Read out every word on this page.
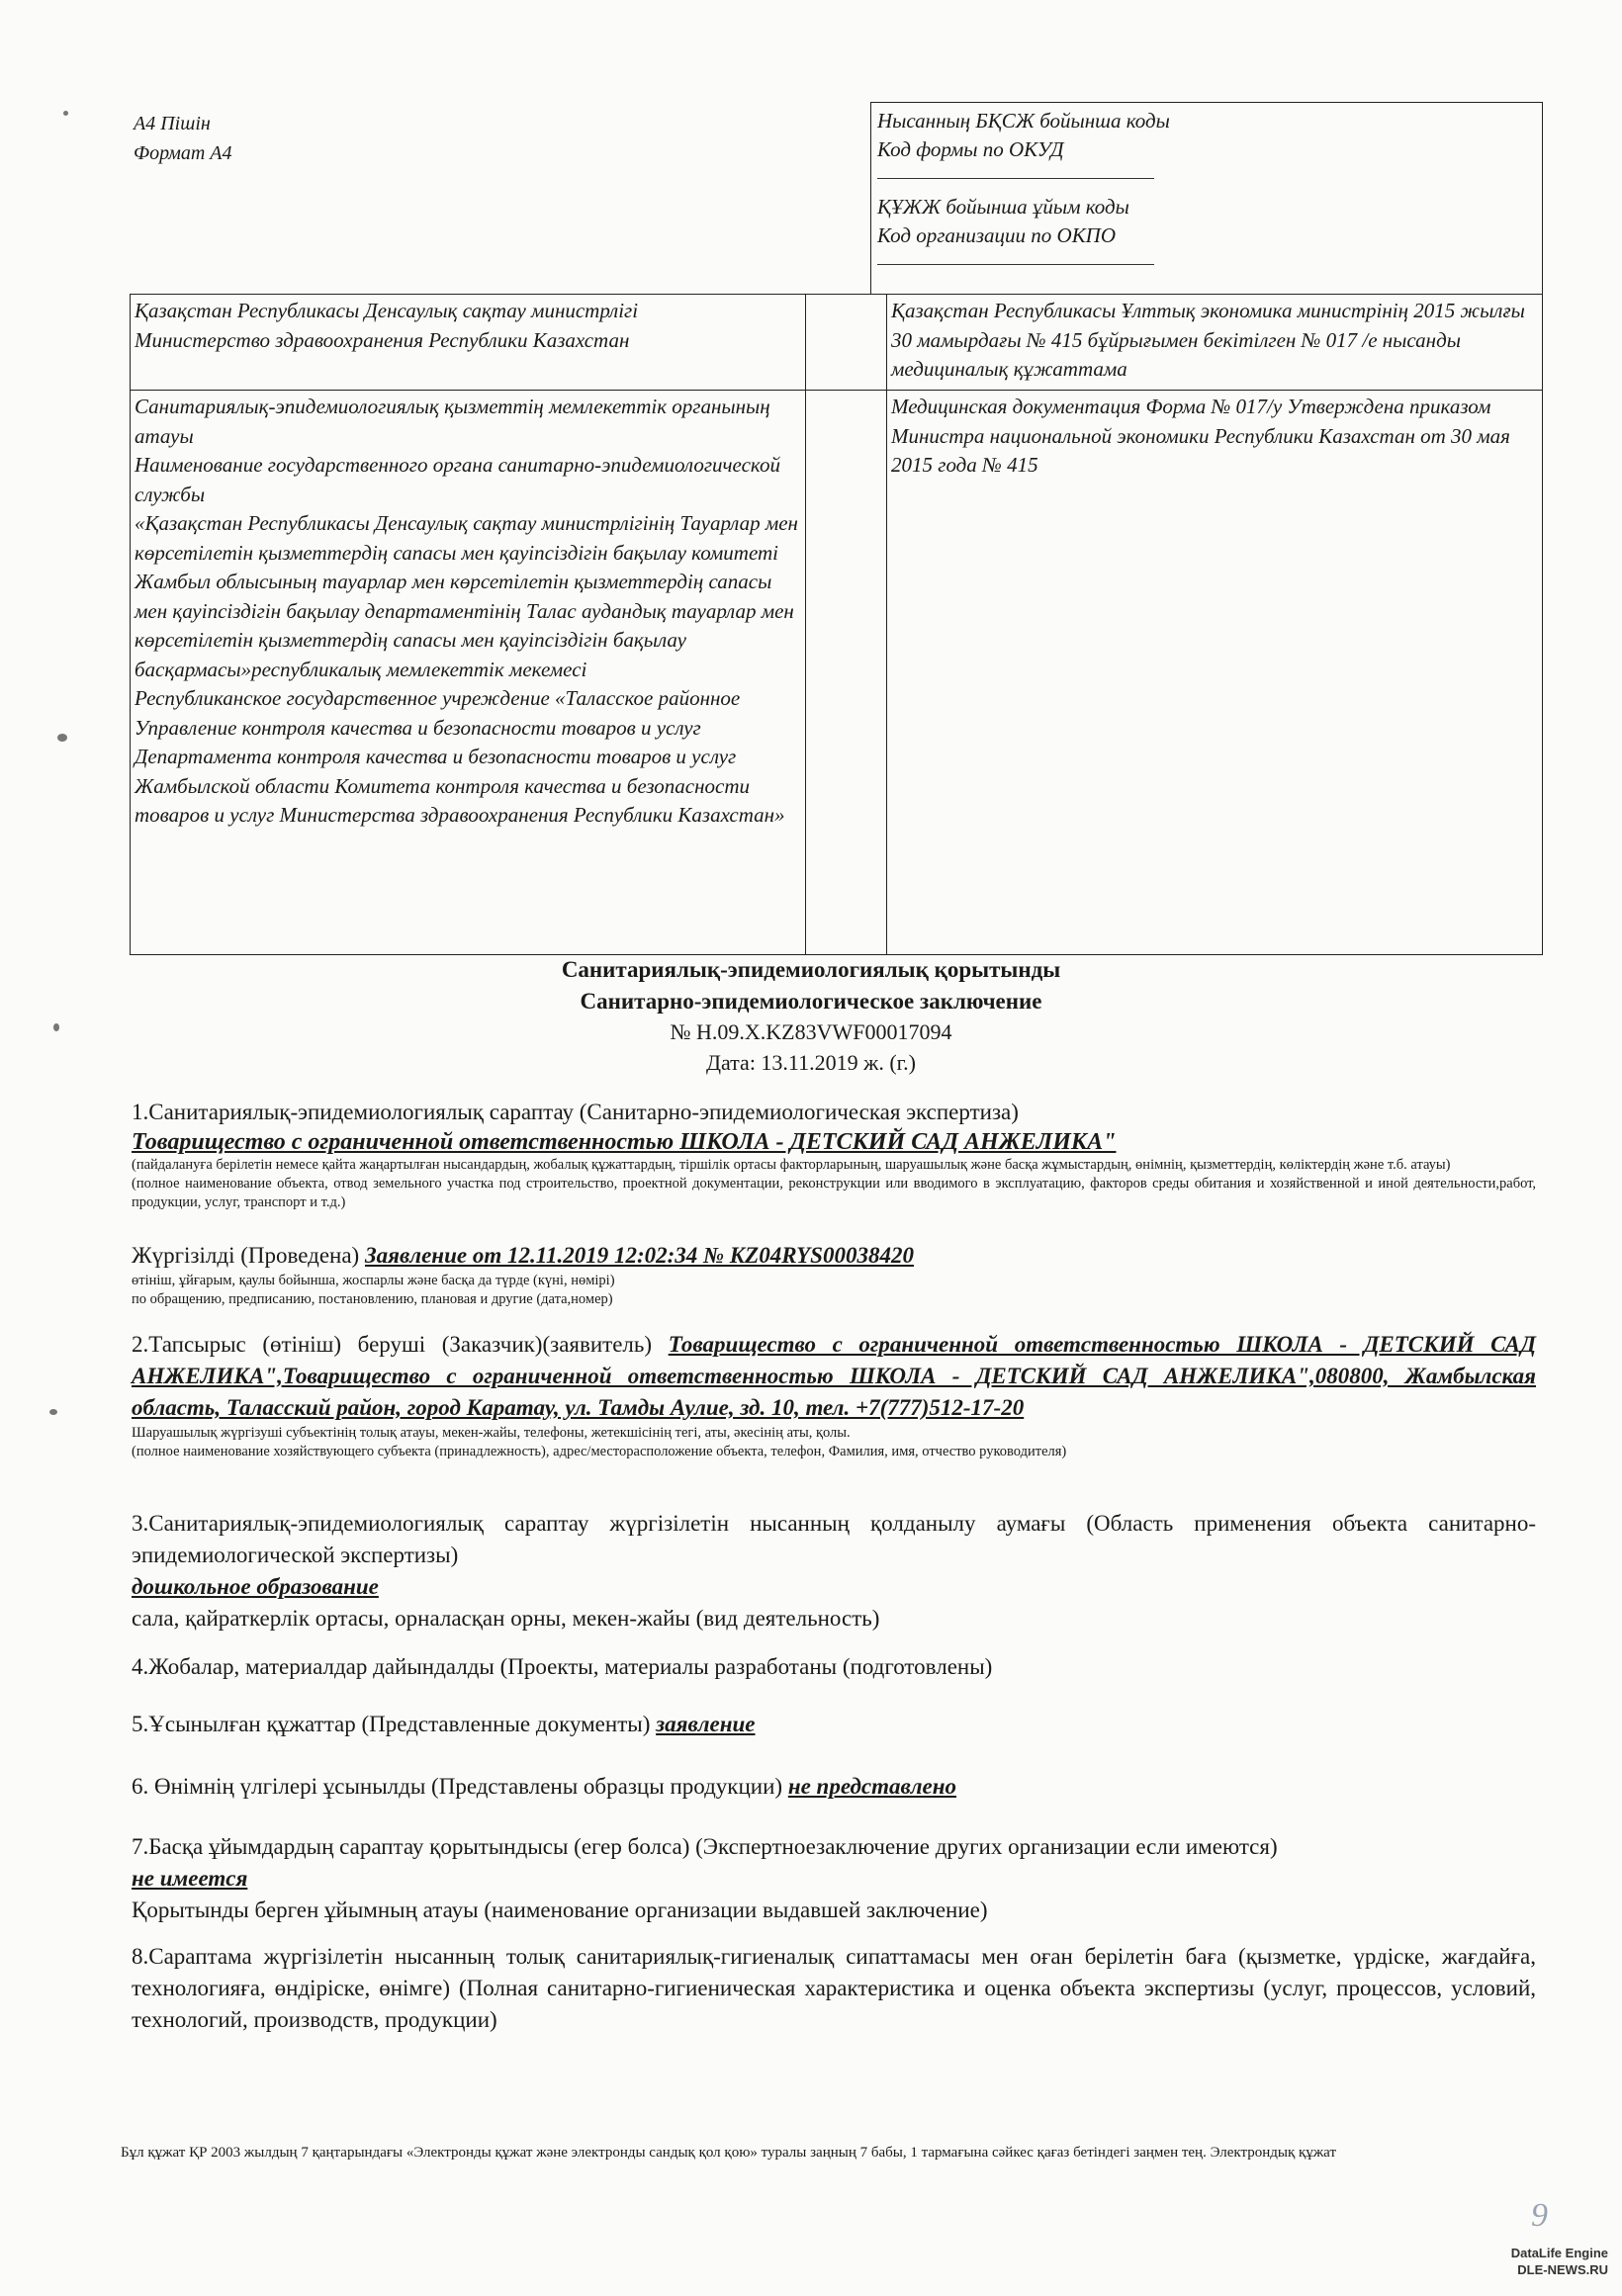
А4 Пішін
Формат А4
Нысанның БҚСЖ бойынша коды
Код формы по ОКУД
ҚҰЖЖ бойынша ұйым коды
Код организации по ОКПО
Қазақстан Республикасы Денсаулық сақтау министрлігі
Министерство здравоохранения Республики Казахстан		Қазақстан Республикасы Ұлттық экономика министрінің 2015 жылғы 30 мамырдағы № 415 бұйрығымен бекітілген № 017 /е нысанды медициналық құжаттама

Санитариялық-эпидемиологиялық қызметтің мемлекеттік органының атауы
Наименование государственного органа санитарно-эпидемиологической службы
«Қазақстан Республикасы Денсаулық сақтау министрлігінің Тауарлар мен көрсетілетін қызметтердің сапасы мен қауіпсіздігін бақылау комитеті Жамбыл облысының тауарлар мен көрсетілетін қызметтердің сапасы мен қауіпсіздігін бақылау департаментінің Талас аудандық тауарлар мен көрсетілетін қызметтердің сапасы мен қауіпсіздігін бақылау басқармасы»республикалық мемлекеттік мекемесі
Республиканское государственное учреждение «Таласское районное Управление контроля качества и безопасности товаров и услуг Департамента контроля качества и безопасности товаров и услуг Жамбылской области Комитета контроля качества и безопасности товаров и услуг Министерства здравоохранения Республики Казахстан»		Медицинская документация Форма № 017/у Утверждена приказом Министра национальной экономики Республики Казахстан от 30 мая 2015 года № 415
Санитариялық-эпидемиологиялық қорытынды
Санитарно-эпидемиологическое заключение
№ H.09.X.KZ83VWF00017094
Дата: 13.11.2019 ж. (г.)
1.Санитариялық-эпидемиологиялық сараптау (Санитарно-эпидемиологическая экспертиза)
Товарищество с ограниченной ответственностью ШКОЛА - ДЕТСКИЙ САД АНЖЕЛИКА"
(пайдалануға берілетін немесе қайта жаңартылған нысандардың, жобалық құжаттардың, тіршілік ортасы факторларының, шаруашылық және басқа жұмыстардың, өнімнің, қызметтердің, көліктердің және т.б. атауы)
(полное наименование объекта, отвод земельного участка под строительство, проектной документации, реконструкции или вводимого в эксплуатацию, факторов среды обитания и хозяйственной и иной деятельности,работ, продукции, услуг, транспорт и т.д.)
Жүргізілді (Проведена) Заявление от 12.11.2019 12:02:34 № KZ04RYS00038420
өтініш, ұйғарым, қаулы бойынша, жоспарлы және басқа да түрде (күні, нөмірі)
по обращению, предписанию, постановлению, плановая и другие (дата,номер)
2.Тапсырыс (өтініш) беруші (Заказчик)(заявитель) Товарищество с ограниченной ответственностью ШКОЛА - ДЕТСКИЙ САД АНЖЕЛИКА",Товарищество с ограниченной ответственностью ШКОЛА - ДЕТСКИЙ САД АНЖЕЛИКА",080800, Жамбылская область, Таласский район, город Каратау, ул. Тамды Аулие, зд. 10, тел. +7(777)512-17-20
Шаруашылық жүргізуші субъектінің толық атауы, мекен-жайы, телефоны, жетекшісінің тегі, аты, әкесінің аты, қолы.
(полное наименование хозяйствующего субъекта (принадлежность), адрес/месторасположение объекта, телефон, Фамилия, имя, отчество руководителя)
3.Санитариялық-эпидемиологиялық сараптау жүргізілетін нысанның қолданылу аумағы (Область применения объекта санитарно-эпидемиологической экспертизы)
дошкольное образование
сала, қайраткерлік ортасы, орналасқан орны, мекен-жайы (вид деятельность)
4.Жобалар, материалдар дайындалды (Проекты, материалы разработаны (подготовлены)
5.Ұсынылған құжаттар (Представленные документы) заявление
6. Өнімнің үлгілері ұсынылды (Представлены образцы продукции) не представлено
7.Басқа ұйымдардың сараптау қорытындысы (егер болса) (Экспертноезаключение других организации если имеются)
не имеется
Қорытынды берген ұйымның атауы (наименование организации выдавшей заключение)
8.Сараптама жүргізілетін нысанның толық санитариялық-гигиеналық сипаттамасы мен оған берілетін баға (қызметке, үрдіске, жағдайға, технологияға, өндіріске, өнімге) (Полная санитарно-гигиеническая характеристика и оценка объекта экспертизы (услуг, процессов, условий, технологий, производств, продукции)
Бұл құжат ҚР 2003 жылдың 7 қаңтарындағы «Электронды құжат және электронды сандық қол қою» туралы заңның 7 бабы, 1 тармағына сәйкес қағаз бетіндегі заңмен тең. Электрондық құжат
9
DataLife Engine
DLE-NEWS.RU
